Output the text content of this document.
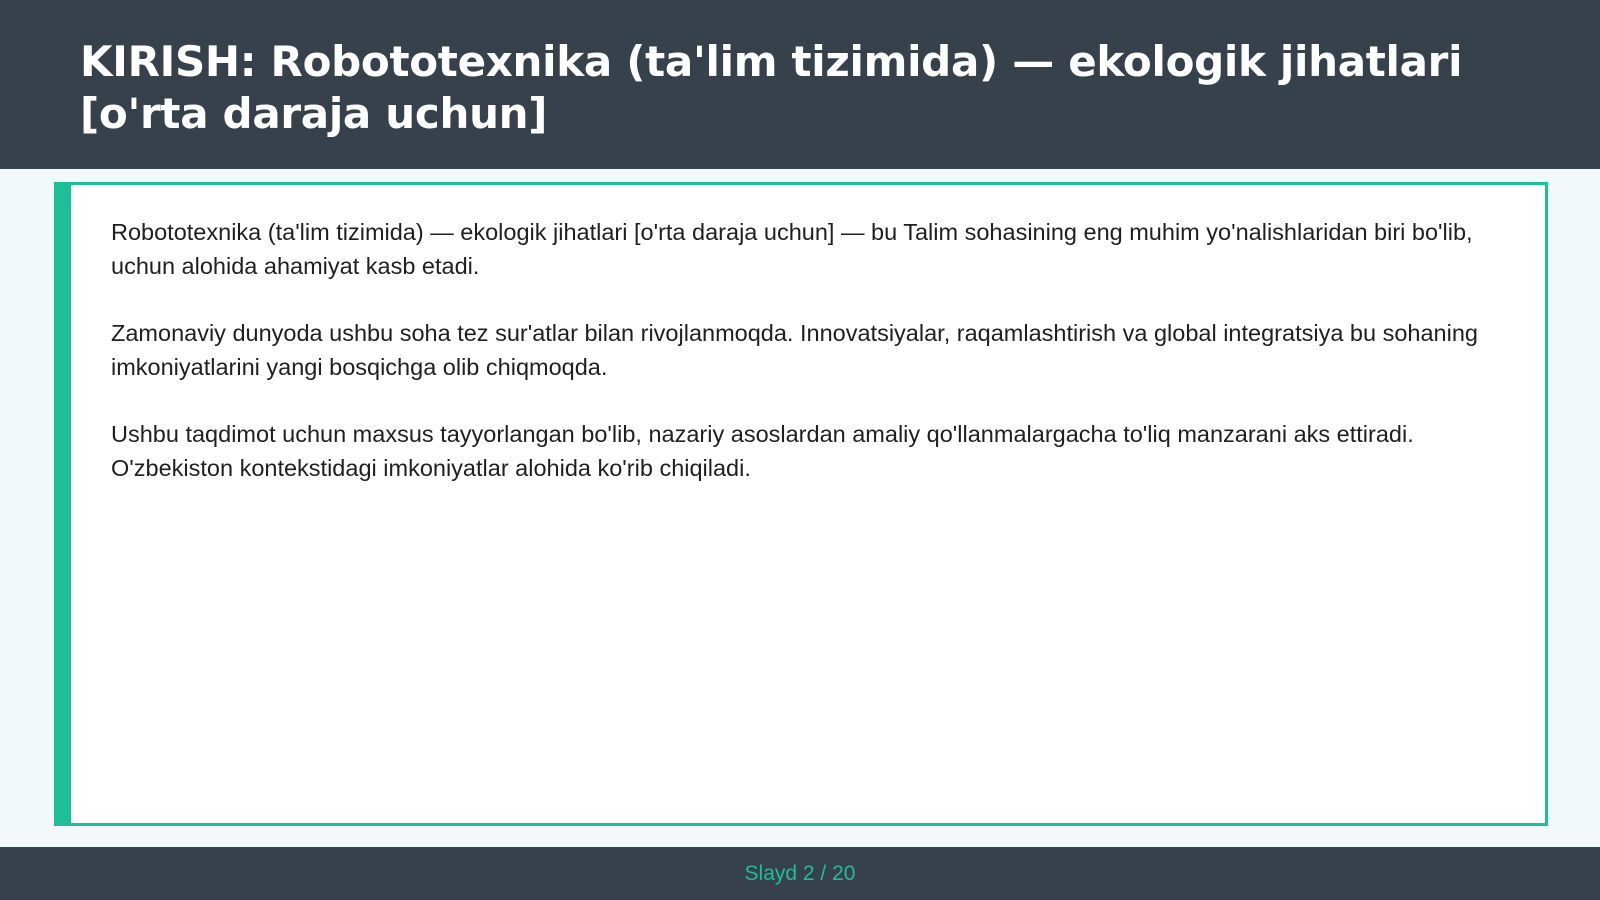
KIRISH: Robototexnika (ta'lim tizimida) — ekologik jihatlari [o'rta daraja uchun]

Robototexnika (ta'lim tizimida) — ekologik jihatlari [o'rta daraja uchun] — bu Talim sohasining eng muhim yo'nalishlaridan biri bo'lib, uchun alohida ahamiyat kasb etadi.

Zamonaviy dunyoda ushbu soha tez sur'atlar bilan rivojlanmoqda. Innovatsiyalar, raqamlashtirish va global integratsiya bu sohaning imkoniyatlarini yangi bosqichga olib chiqmoqda.

Ushbu taqdimot uchun maxsus tayyorlangan bo'lib, nazariy asoslardan amaliy qo'llanmalargacha to'liq manzarani aks ettiradi. O'zbekiston kontekstidagi imkoniyatlar alohida ko'rib chiqiladi.

Slayd 2 / 20
